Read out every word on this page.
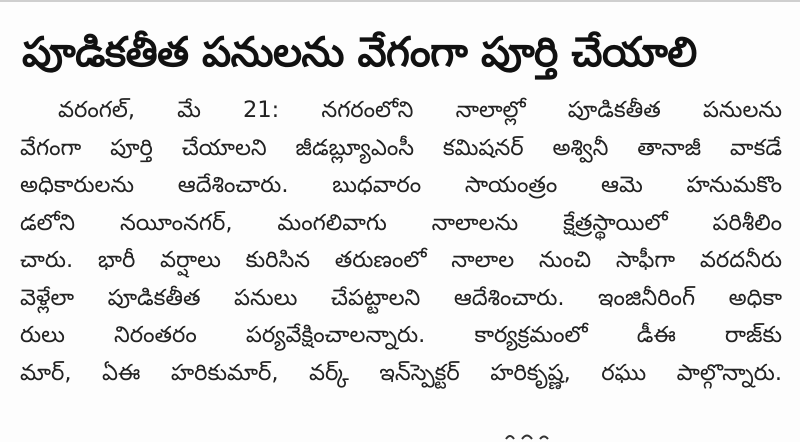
పూడికతీత పనులను వేగంగా పూర్తి చేయాలి
వరంగల్, మే 21: నగరంలోని నాలాల్లో పూడికతీత పనులను
వేగంగా పూర్తి చేయాలని జీడబ్ల్యూఎంసీ కమిషనర్ అశ్వినీ తానాజీ వాకడే
అధికారులను ఆదేశించారు. బుధవారం సాయంత్రం ఆమె హనుమకొం
డలోని నయీంనగర్, మంగలివాగు నాలాలను క్షేత్రస్థాయిలో పరిశీలిం
చారు. భారీ వర్షాలు కురిసిన తరుణంలో నాలాల నుంచి సాఫీగా వరదనీరు
వెళ్లేలా పూడికతీత పనులు చేపట్టాలని ఆదేశించారు. ఇంజినీరింగ్ అధికా
రులు నిరంతరం పర్యవేక్షించాలన్నారు. కార్యక్రమంలో డీఈ రాజ్‌కు
మార్, ఏఈ హరికుమార్, వర్క్ ఇన్‌స్పెక్టర్ హరికృష్ణ, రఘు పాల్గొన్నారు.
